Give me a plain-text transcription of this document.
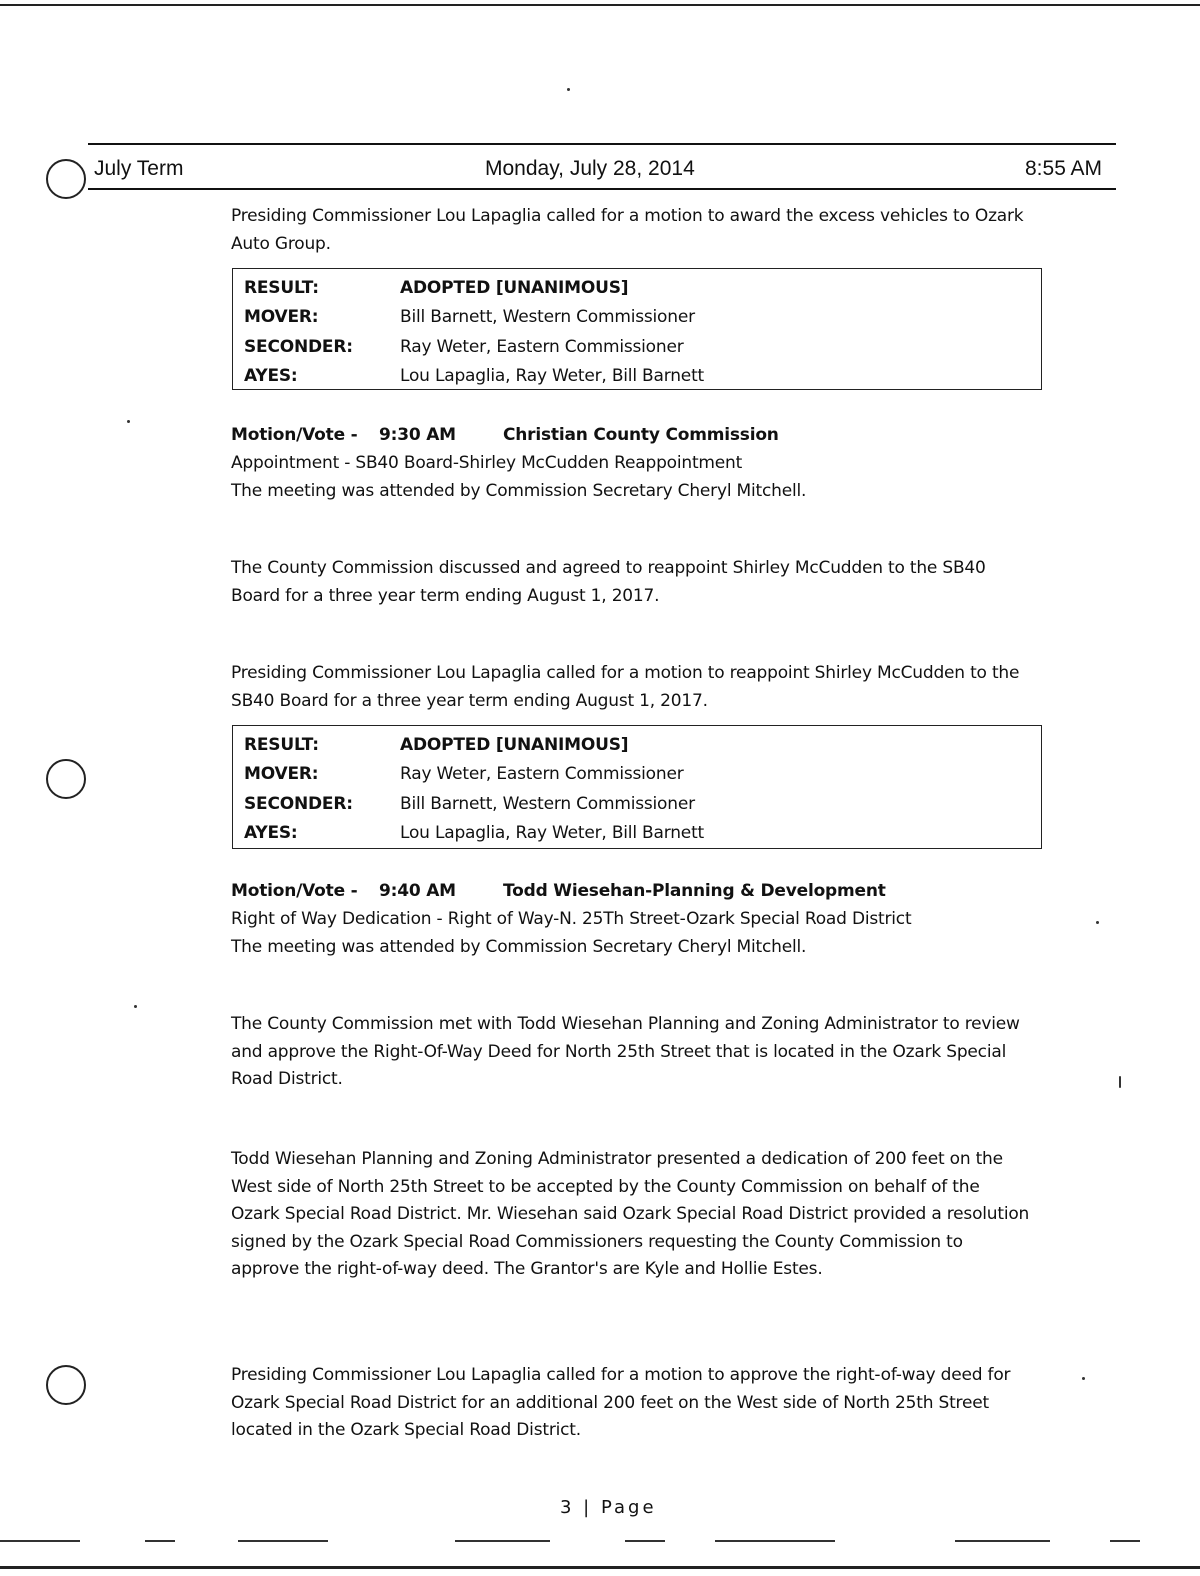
July Term	Monday, July 28, 2014	8:55 AM
Presiding Commissioner Lou Lapaglia called for a motion to award the excess vehicles to Ozark Auto Group.
RESULT:	ADOPTED [UNANIMOUS]
MOVER:	Bill Barnett, Western Commissioner
SECONDER:	Ray Weter, Eastern Commissioner
AYES:	Lou Lapaglia, Ray Weter, Bill Barnett
Motion/Vote - 9:30 AM	Christian County Commission
Appointment - SB40 Board-Shirley McCudden Reappointment
The meeting was attended by Commission Secretary Cheryl Mitchell.
The County Commission discussed and agreed to reappoint Shirley McCudden to the SB40 Board for a three year term ending August 1, 2017.
Presiding Commissioner Lou Lapaglia called for a motion to reappoint Shirley McCudden to the SB40 Board for a three year term ending August 1, 2017.
RESULT:	ADOPTED [UNANIMOUS]
MOVER:	Ray Weter, Eastern Commissioner
SECONDER:	Bill Barnett, Western Commissioner
AYES:	Lou Lapaglia, Ray Weter, Bill Barnett
Motion/Vote - 9:40 AM	Todd Wiesehan-Planning & Development
Right of Way Dedication - Right of Way-N. 25Th Street-Ozark Special Road District
The meeting was attended by Commission Secretary Cheryl Mitchell.
The County Commission met with Todd Wiesehan Planning and Zoning Administrator to review and approve the Right-Of-Way Deed for North 25th Street that is located in the Ozark Special Road District.
Todd Wiesehan Planning and Zoning Administrator presented a dedication of 200 feet on the West side of North 25th Street to be accepted by the County Commission on behalf of the Ozark Special Road District. Mr. Wiesehan said Ozark Special Road District provided a resolution signed by the Ozark Special Road Commissioners requesting the County Commission to approve the right-of-way deed. The Grantor's are Kyle and Hollie Estes.
Presiding Commissioner Lou Lapaglia called for a motion to approve the right-of-way deed for Ozark Special Road District for an additional 200 feet on the West side of North 25th Street located in the Ozark Special Road District.
3 | Page
